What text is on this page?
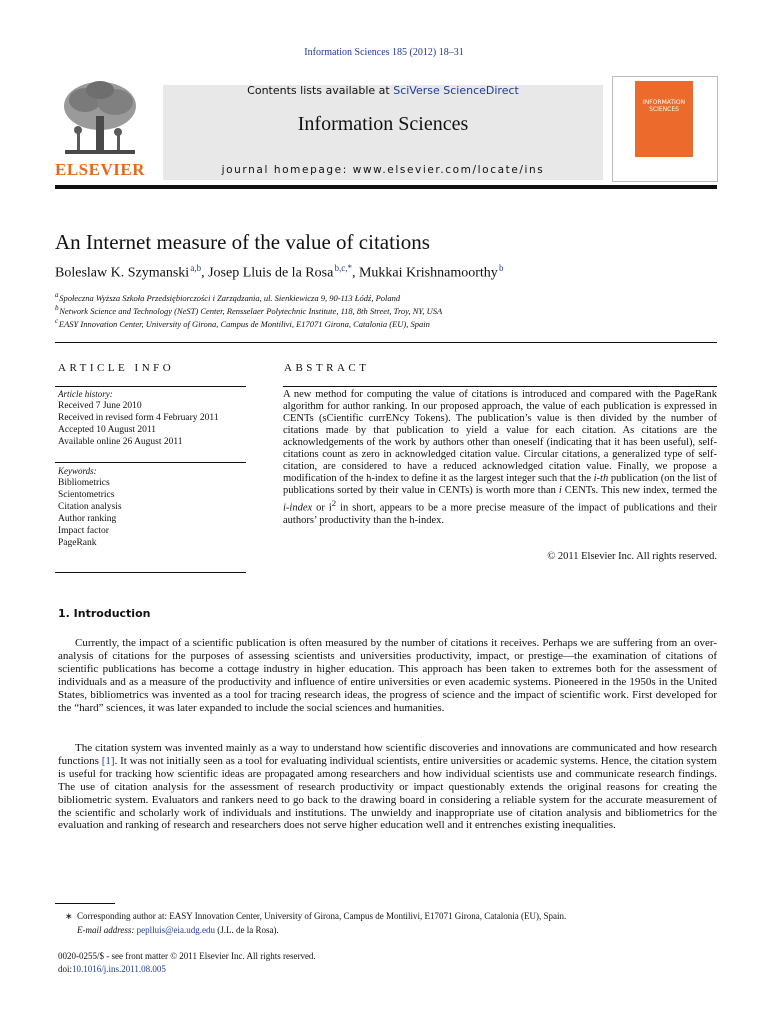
Information Sciences 185 (2012) 18–31
ELSEVIER
Contents lists available at SciVerse ScienceDirect
Information Sciences
journal homepage: www.elsevier.com/locate/ins
INFORMATION SCIENCES
An Internet measure of the value of citations
Boleslaw K. Szymanski $^{a,b}$, Josep Lluis de la Rosa $^{b,c,*}$, Mukkai Krishnamoorthy $^b$
$^a$ Społeczna Wyższa Szkoła Przedsiębiorczości i Zarządzania, ul. Sienkiewicza 9, 90-113 Łódź, Poland
$^b$ Network Science and Technology (NeST) Center, Rensselaer Polytechnic Institute, 118, 8th Street, Troy, NY, USA
$^c$ EASY Innovation Center, University of Girona, Campus de Montilivi, E17071 Girona, Catalonia (EU), Spain
ARTICLE INFO
Article history:
Received 7 June 2010
Received in revised form 4 February 2011
Accepted 10 August 2011
Available online 26 August 2011
Keywords:
Bibliometrics
Scientometrics
Citation analysis
Author ranking
Impact factor
PageRank
ABSTRACT
A new method for computing the value of citations is introduced and compared with the PageRank algorithm for author ranking. In our proposed approach, the value of each publication is expressed in CENTs (sCientific currENcy Tokens). The publication’s value is then divided by the number of citations made by that publication to yield a value for each citation. As citations are the acknowledgements of the work by authors other than oneself (indicating that it has been useful), self-citations count as zero in acknowledged citation value. Circular citations, a generalized type of self-citation, are considered to have a reduced acknowledged citation value. Finally, we propose a modification of the h-index to define it as the largest integer such that the i-th publication (on the list of publications sorted by their value in CENTs) is worth more than i CENTs. This new index, termed the i-index or $i^2$ in short, appears to be a more precise measure of the impact of publications and their authors’ productivity than the h-index.
© 2011 Elsevier Inc. All rights reserved.
1. Introduction
Currently, the impact of a scientific publication is often measured by the number of citations it receives. Perhaps we are suffering from an over-analysis of citations for the purposes of assessing scientists and universities productivity, impact, or prestige—the examination of citations of scientific publications has become a cottage industry in higher education. This approach has been taken to extremes both for the assessment of individuals and as a measure of the productivity and influence of entire universities or even academic systems. Pioneered in the 1950s in the United States, bibliometrics was invented as a tool for tracing research ideas, the progress of science and the impact of scientific work. First developed for the “hard” sciences, it was later expanded to include the social sciences and humanities.
The citation system was invented mainly as a way to understand how scientific discoveries and innovations are communicated and how research functions [1]. It was not initially seen as a tool for evaluating individual scientists, entire universities or academic systems. Hence, the citation system is useful for tracking how scientific ideas are propagated among researchers and how individual scientists use and communicate research findings. The use of citation analysis for the assessment of research productivity or impact questionably extends the original reasons for creating the bibliometric system. Evaluators and rankers need to go back to the drawing board in considering a reliable system for the accurate measurement of the scientific and scholarly work of individuals and institutions. The unwieldy and inappropriate use of citation analysis and bibliometrics for the evaluation and ranking of research and researchers does not serve higher education well and it entrenches existing inequalities.
∗  Corresponding author at: EASY Innovation Center, University of Girona, Campus de Montilivi, E17071 Girona, Catalonia (EU), Spain.
E-mail address: peplluis@eia.udg.edu (J.L. de la Rosa).
0020-0255/$ - see front matter © 2011 Elsevier Inc. All rights reserved.
doi:10.1016/j.ins.2011.08.005
